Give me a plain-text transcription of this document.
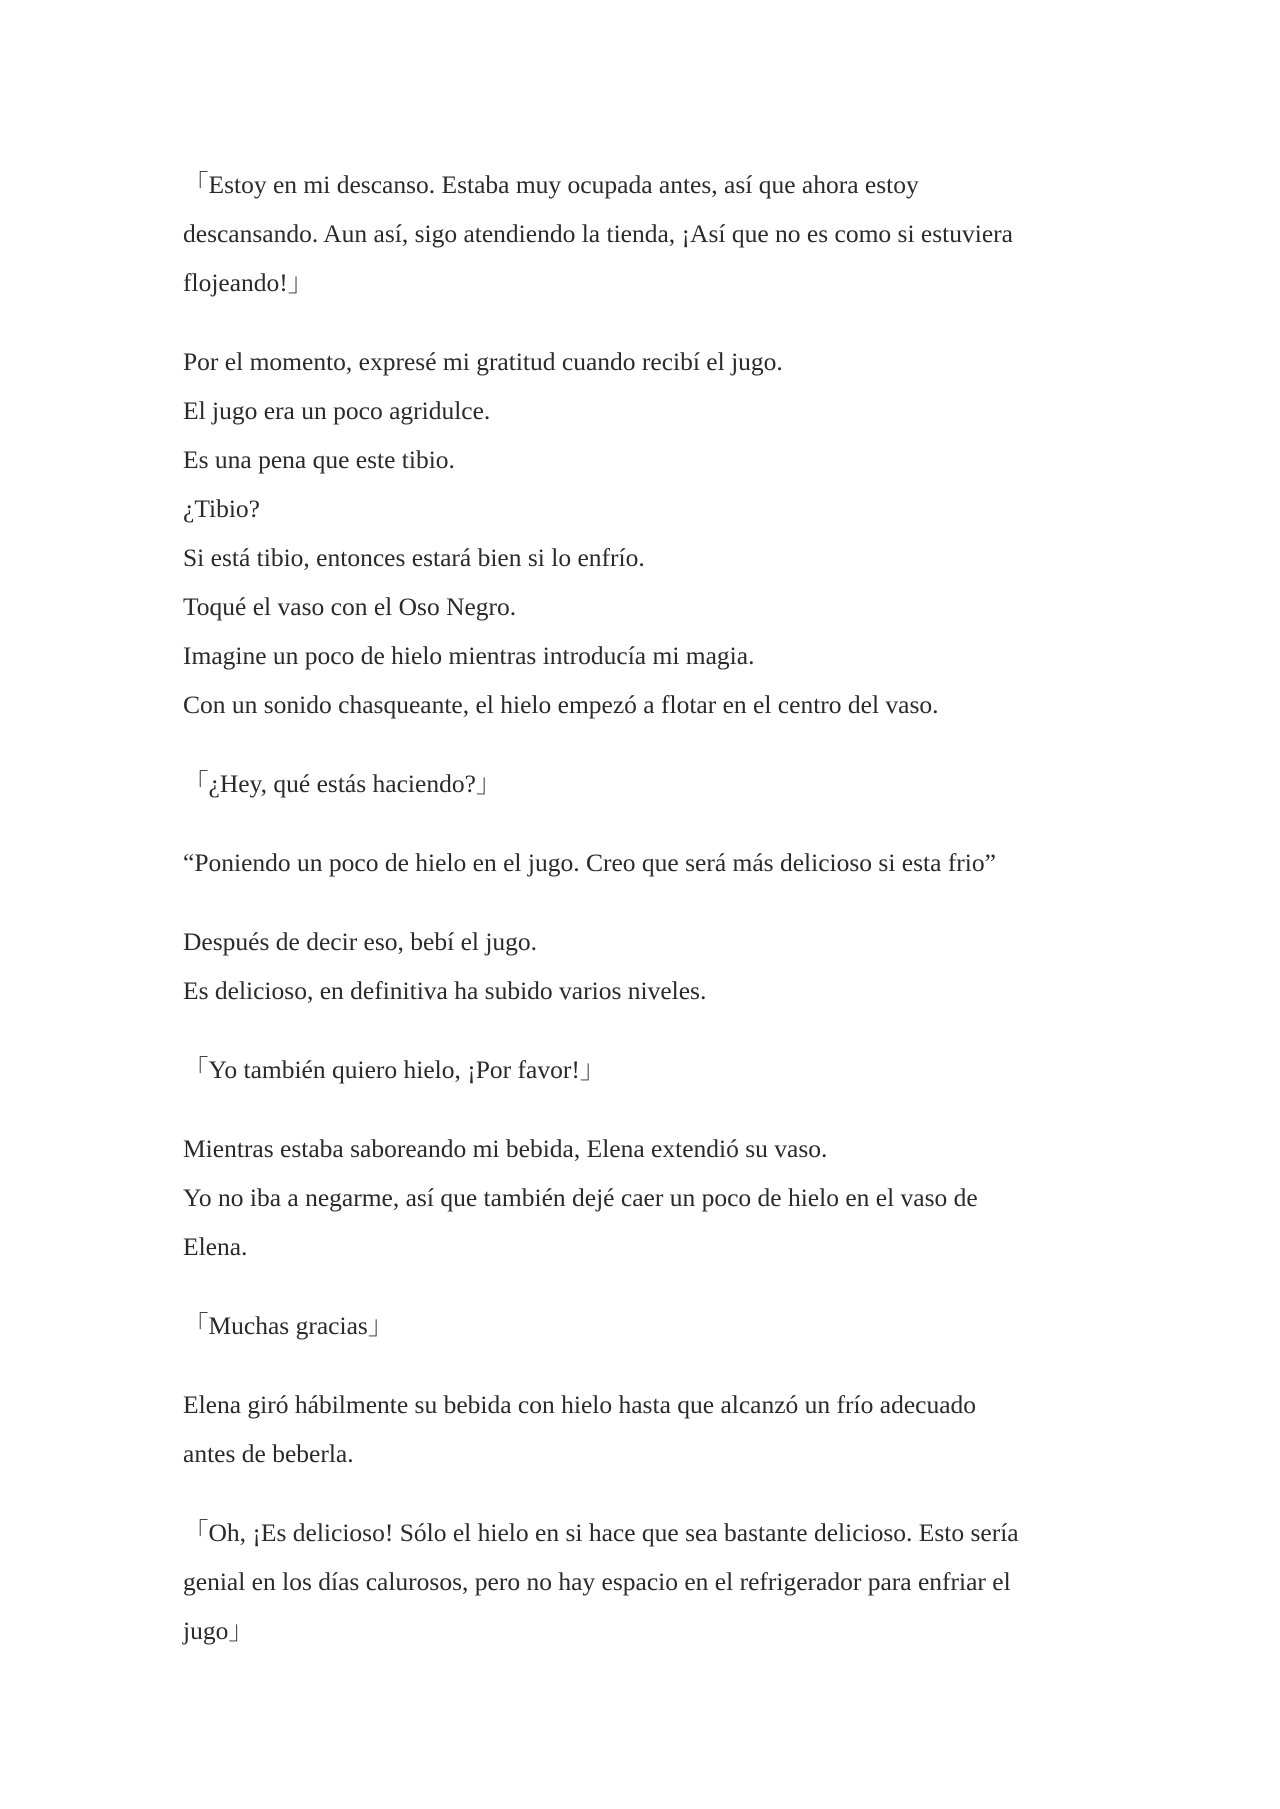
「Estoy en mi descanso. Estaba muy ocupada antes, así que ahora estoy
descansando. Aun así, sigo atendiendo la tienda, ¡Así que no es como si estuviera
flojeando!」
Por el momento, expresé mi gratitud cuando recibí el jugo.
El jugo era un poco agridulce.
Es una pena que este tibio.
¿Tibio?
Si está tibio, entonces estará bien si lo enfrío.
Toqué el vaso con el Oso Negro.
Imagine un poco de hielo mientras introducía mi magia.
Con un sonido chasqueante, el hielo empezó a flotar en el centro del vaso.
「¿Hey, qué estás haciendo?」
“Poniendo un poco de hielo en el jugo. Creo que será más delicioso si esta frio”
Después de decir eso, bebí el jugo.
Es delicioso, en definitiva ha subido varios niveles.
「Yo también quiero hielo, ¡Por favor!」
Mientras estaba saboreando mi bebida, Elena extendió su vaso.
Yo no iba a negarme, así que también dejé caer un poco de hielo en el vaso de
Elena.
「Muchas gracias」
Elena giró hábilmente su bebida con hielo hasta que alcanzó un frío adecuado
antes de beberla.
「Oh, ¡Es delicioso! Sólo el hielo en si hace que sea bastante delicioso. Esto sería
genial en los días calurosos, pero no hay espacio en el refrigerador para enfriar el
jugo」
